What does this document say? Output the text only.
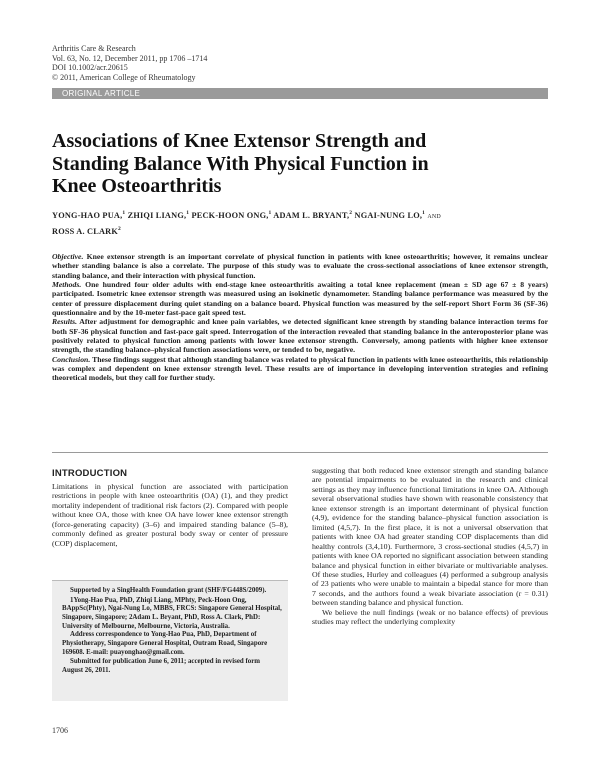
Arthritis Care & Research
Vol. 63, No. 12, December 2011, pp 1706 –1714
DOI 10.1002/acr.20615
© 2011, American College of Rheumatology
ORIGINAL ARTICLE
Associations of Knee Extensor Strength and
Standing Balance With Physical Function in
Knee Osteoarthritis
YONG-HAO PUA,$^1$ ZHIQI LIANG,$^1$ PECK-HOON ONG,$^1$ ADAM L. BRYANT,$^2$ NGAI-NUNG LO,$^1$ AND
ROSS A. CLARK$^2$

Objective. Knee extensor strength is an important correlate of physical function in patients with knee osteoarthritis; however, it remains unclear whether standing balance is also a correlate. The purpose of this study was to evaluate the cross-sectional associations of knee extensor strength, standing balance, and their interaction with physical function.

Methods. One hundred four older adults with end-stage knee osteoarthritis awaiting a total knee replacement (mean ± SD age 67 ± 8 years) participated. Isometric knee extensor strength was measured using an isokinetic dynamometer. Standing balance performance was measured by the center of pressure displacement during quiet standing on a balance board. Physical function was measured by the self-report Short Form 36 (SF-36) questionnaire and by the 10-meter fast-pace gait speed test.

Results. After adjustment for demographic and knee pain variables, we detected significant knee strength by standing balance interaction terms for both SF-36 physical function and fast-pace gait speed. Interrogation of the interaction revealed that standing balance in the anteroposterior plane was positively related to physical function among patients with lower knee extensor strength. Conversely, among patients with higher knee extensor strength, the standing balance–physical function associations were, or tended to be, negative.

Conclusion. These findings suggest that although standing balance was related to physical function in patients with knee osteoarthritis, this relationship was complex and dependent on knee extensor strength level. These results are of importance in developing intervention strategies and refining theoretical models, but they call for further study.

INTRODUCTION

Limitations in physical function are associated with participation restrictions in people with knee osteoarthritis (OA) (1), and they predict mortality independent of traditional risk factors (2). Compared with people without knee OA, those with knee OA have lower knee extensor strength (force-generating capacity) (3–6) and impaired standing balance (5–8), commonly defined as greater postural body sway or center of pressure (COP) displacement,

suggesting that both reduced knee extensor strength and standing balance are potential impairments to be evaluated in the research and clinical settings as they may influence functional limitations in knee OA. Although several observational studies have shown with reasonable consistency that knee extensor strength is an important determinant of physical function (4,9), evidence for the standing balance–physical function association is limited (4,5,7). In the first place, it is not a universal observation that patients with knee OA had greater standing COP displacements than did healthy controls (3,4,10). Furthermore, 3 cross-sectional studies (4,5,7) in patients with knee OA reported no significant association between standing balance and physical function in either bivariate or multivariable analyses. Of these studies, Hurley and colleagues (4) performed a subgroup analysis of 23 patients who were unable to maintain a bipedal stance for more than 7 seconds, and the authors found a weak bivariate association (r = 0.31) between standing balance and physical function.

We believe the null findings (weak or no balance effects) of previous studies may reflect the underlying complexity

Supported by a SingHealth Foundation grant (SHF/FG448S/2009).

1Yong-Hao Pua, PhD, Zhiqi Liang, MPhty, Peck-Hoon Ong, BAppSc(Phty), Ngai-Nung Lo, MBBS, FRCS: Singapore General Hospital, Singapore, Singapore; 2Adam L. Bryant, PhD, Ross A. Clark, PhD: University of Melbourne, Melbourne, Victoria, Australia.

Address correspondence to Yong-Hao Pua, PhD, Department of Physiotherapy, Singapore General Hospital, Outram Road, Singapore 169608. E-mail: puayonghao@gmail.com.

Submitted for publication June 6, 2011; accepted in revised form August 26, 2011.

1706
